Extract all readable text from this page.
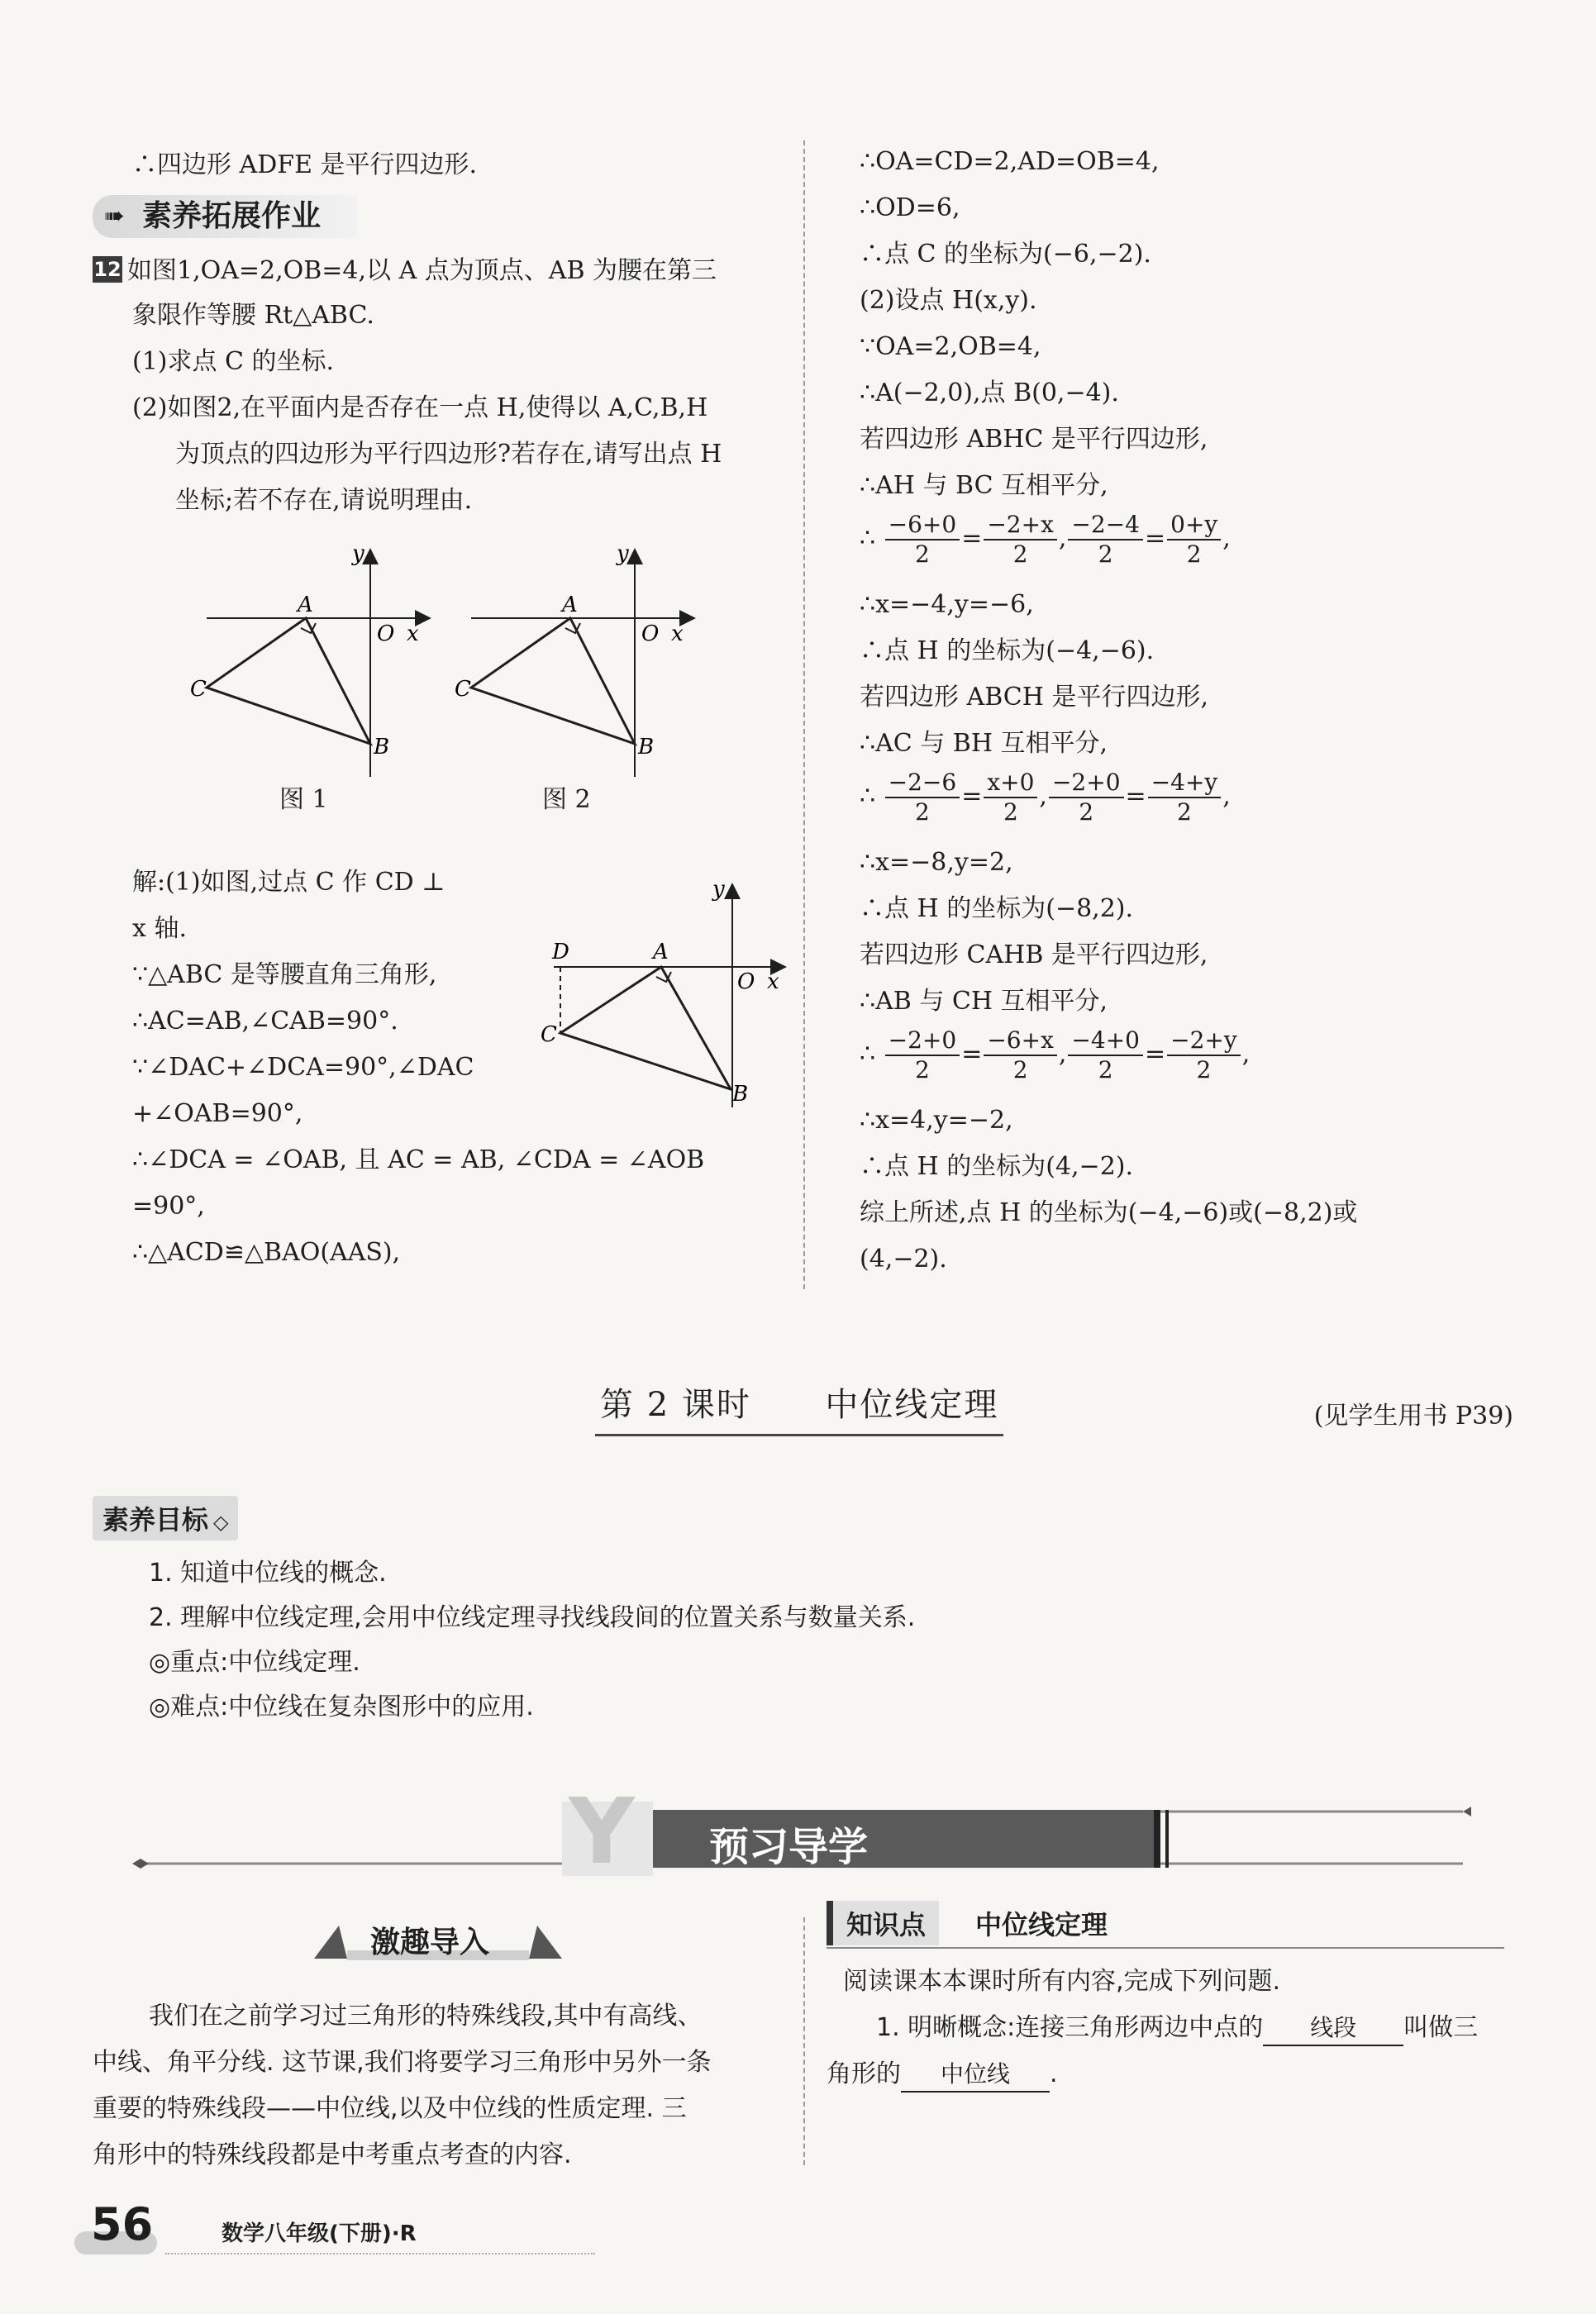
∴四边形 ADFE 是平行四边形.
➠ 素养拓展作业
12 如图1,OA=2,OB=4,以 A 点为顶点、AB 为腰在第三
象限作等腰 Rt△ABC.
(1)求点 C 的坐标.
(2)如图2,在平面内是否存在一点 H,使得以 A,C,B,H
为顶点的四边形为平行四边形?若存在,请写出点 H
坐标;若不存在,请说明理由.
A
O x
y
C
B
A
O x
y
C
B
图 1	图 2
解:(1)如图,过点 C 作 CD ⊥
x 轴.
∵△ABC 是等腰直角三角形,
∴AC=AB,∠CAB=90°.
∵∠DAC+∠DCA=90°,∠DAC
+∠OAB=90°,
∴∠DCA = ∠OAB, 且 AC = AB, ∠CDA = ∠AOB
=90°,
∴△ACD≌△BAO(AAS),
D	A
O x
y
C
B
∴OA=CD=2,AD=OB=4,
∴OD=6,
∴点 C 的坐标为(−6,−2).
(2)设点 H(x,y).
∵OA=2,OB=4,
∴A(−2,0),点 B(0,−4).
若四边形 ABHC 是平行四边形,
∴AH 与 BC 互相平分,
∴ $\frac{-6+0}{2} = \frac{-2+x}{2}$ , $\frac{-2-4}{2} = \frac{0+y}{2}$ ,
∴x=−4,y=−6,
∴点 H 的坐标为(−4,−6).
若四边形 ABCH 是平行四边形,
∴AC 与 BH 互相平分,
∴ $\frac{-2-6}{2} = \frac{x+0}{2}$ , $\frac{-2+0}{2} = \frac{-4+y}{2}$ ,
∴x=−8,y=2,
∴点 H 的坐标为(−8,2).
若四边形 CAHB 是平行四边形,
∴AB 与 CH 互相平分,
∴ $\frac{-2+0}{2} = \frac{-6+x}{2}$ , $\frac{-4+0}{2} = \frac{-2+y}{2}$ ,
∴x=4,y=−2,
∴点 H 的坐标为(4,−2).
综上所述,点 H 的坐标为(−4,−6)或(−8,2)或
(4,−2).
第 2 课时 中位线定理	(见学生用书 P39)
素养目标 ◇
1. 知道中位线的概念.
2. 理解中位线定理,会用中位线定理寻找线段间的位置关系与数量关系.
◎重点:中位线定理.
◎难点:中位线在复杂图形中的应用.
Y 预习导学
激趣导入
我们在之前学习过三角形的特殊线段,其中有高线、
中线、角平分线. 这节课,我们将要学习三角形中另外一条
重要的特殊线段——中位线,以及中位线的性质定理. 三
角形中的特殊线段都是中考重点考查的内容.
知识点	中位线定理
阅读课本本课时所有内容,完成下列问题.
1. 明晰概念:连接三角形两边中点的 线段 叫做三
角形的 中位线 .
56	数学八年级(下册)·R
